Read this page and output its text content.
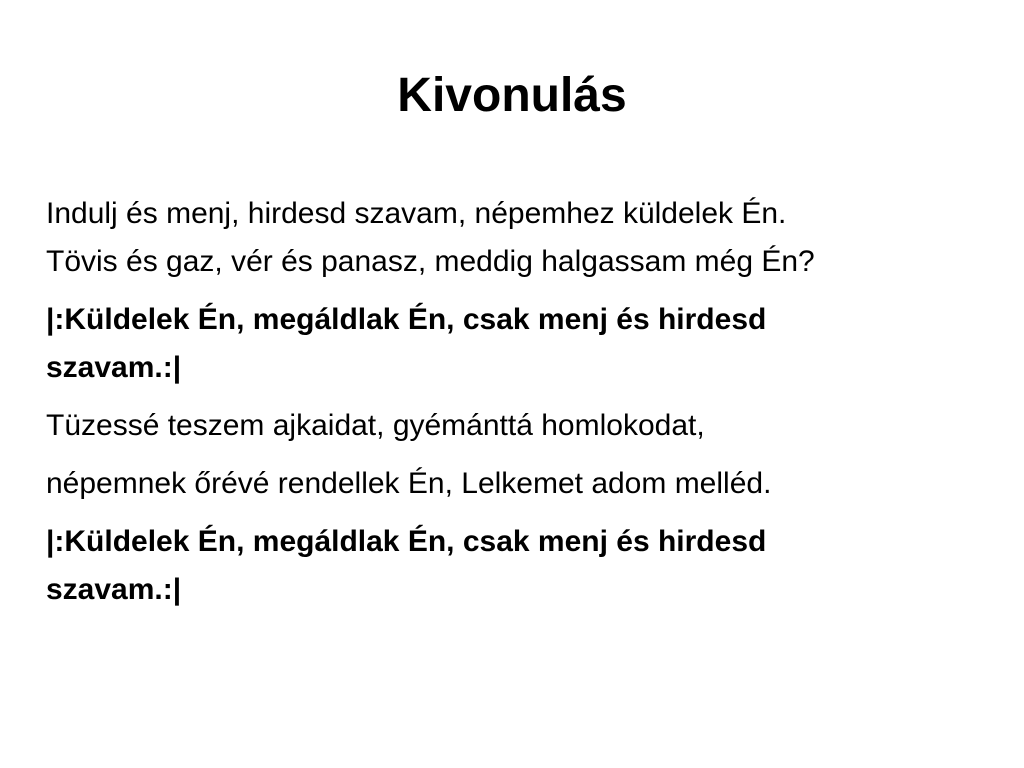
Kivonulás

Indulj és menj, hirdesd szavam, népemhez küldelek Én.
Tövis és gaz, vér és panasz, meddig halgassam még Én?

|:Küldelek Én, megáldlak Én, csak menj és hirdesd
szavam.:|

Tüzessé teszem ajkaidat, gyémánttá homlokodat,

népemnek őrévé rendellek Én, Lelkemet adom melléd.

|:Küldelek Én, megáldlak Én, csak menj és hirdesd
szavam.:|
